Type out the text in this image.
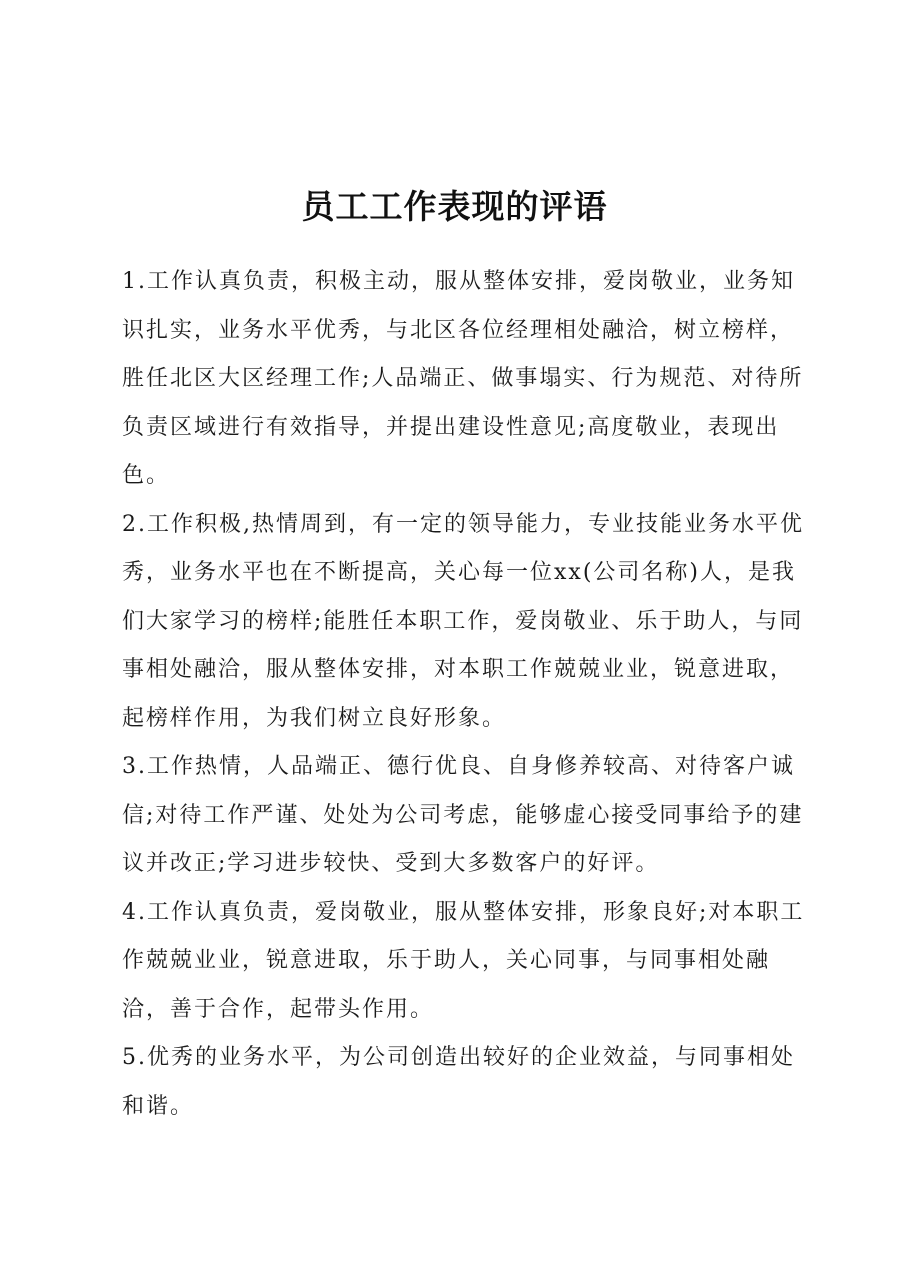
员工工作表现的评语

1.工作认真负责，积极主动，服从整体安排，爱岗敬业，业务知识扎实，业务水平优秀，与北区各位经理相处融洽，树立榜样，胜任北区大区经理工作;人品端正、做事塌实、行为规范、对待所负责区域进行有效指导，并提出建设性意见;高度敬业，表现出色。

2.工作积极,热情周到，有一定的领导能力，专业技能业务水平优秀，业务水平也在不断提高，关心每一位xx(公司名称)人，是我们大家学习的榜样;能胜任本职工作，爱岗敬业、乐于助人，与同事相处融洽，服从整体安排，对本职工作兢兢业业，锐意进取，起榜样作用，为我们树立良好形象。

3.工作热情，人品端正、德行优良、自身修养较高、对待客户诚信;对待工作严谨、处处为公司考虑，能够虚心接受同事给予的建议并改正;学习进步较快、受到大多数客户的好评。

4.工作认真负责，爱岗敬业，服从整体安排，形象良好;对本职工作兢兢业业，锐意进取，乐于助人，关心同事，与同事相处融洽，善于合作，起带头作用。

5.优秀的业务水平，为公司创造出较好的企业效益，与同事相处和谐。
